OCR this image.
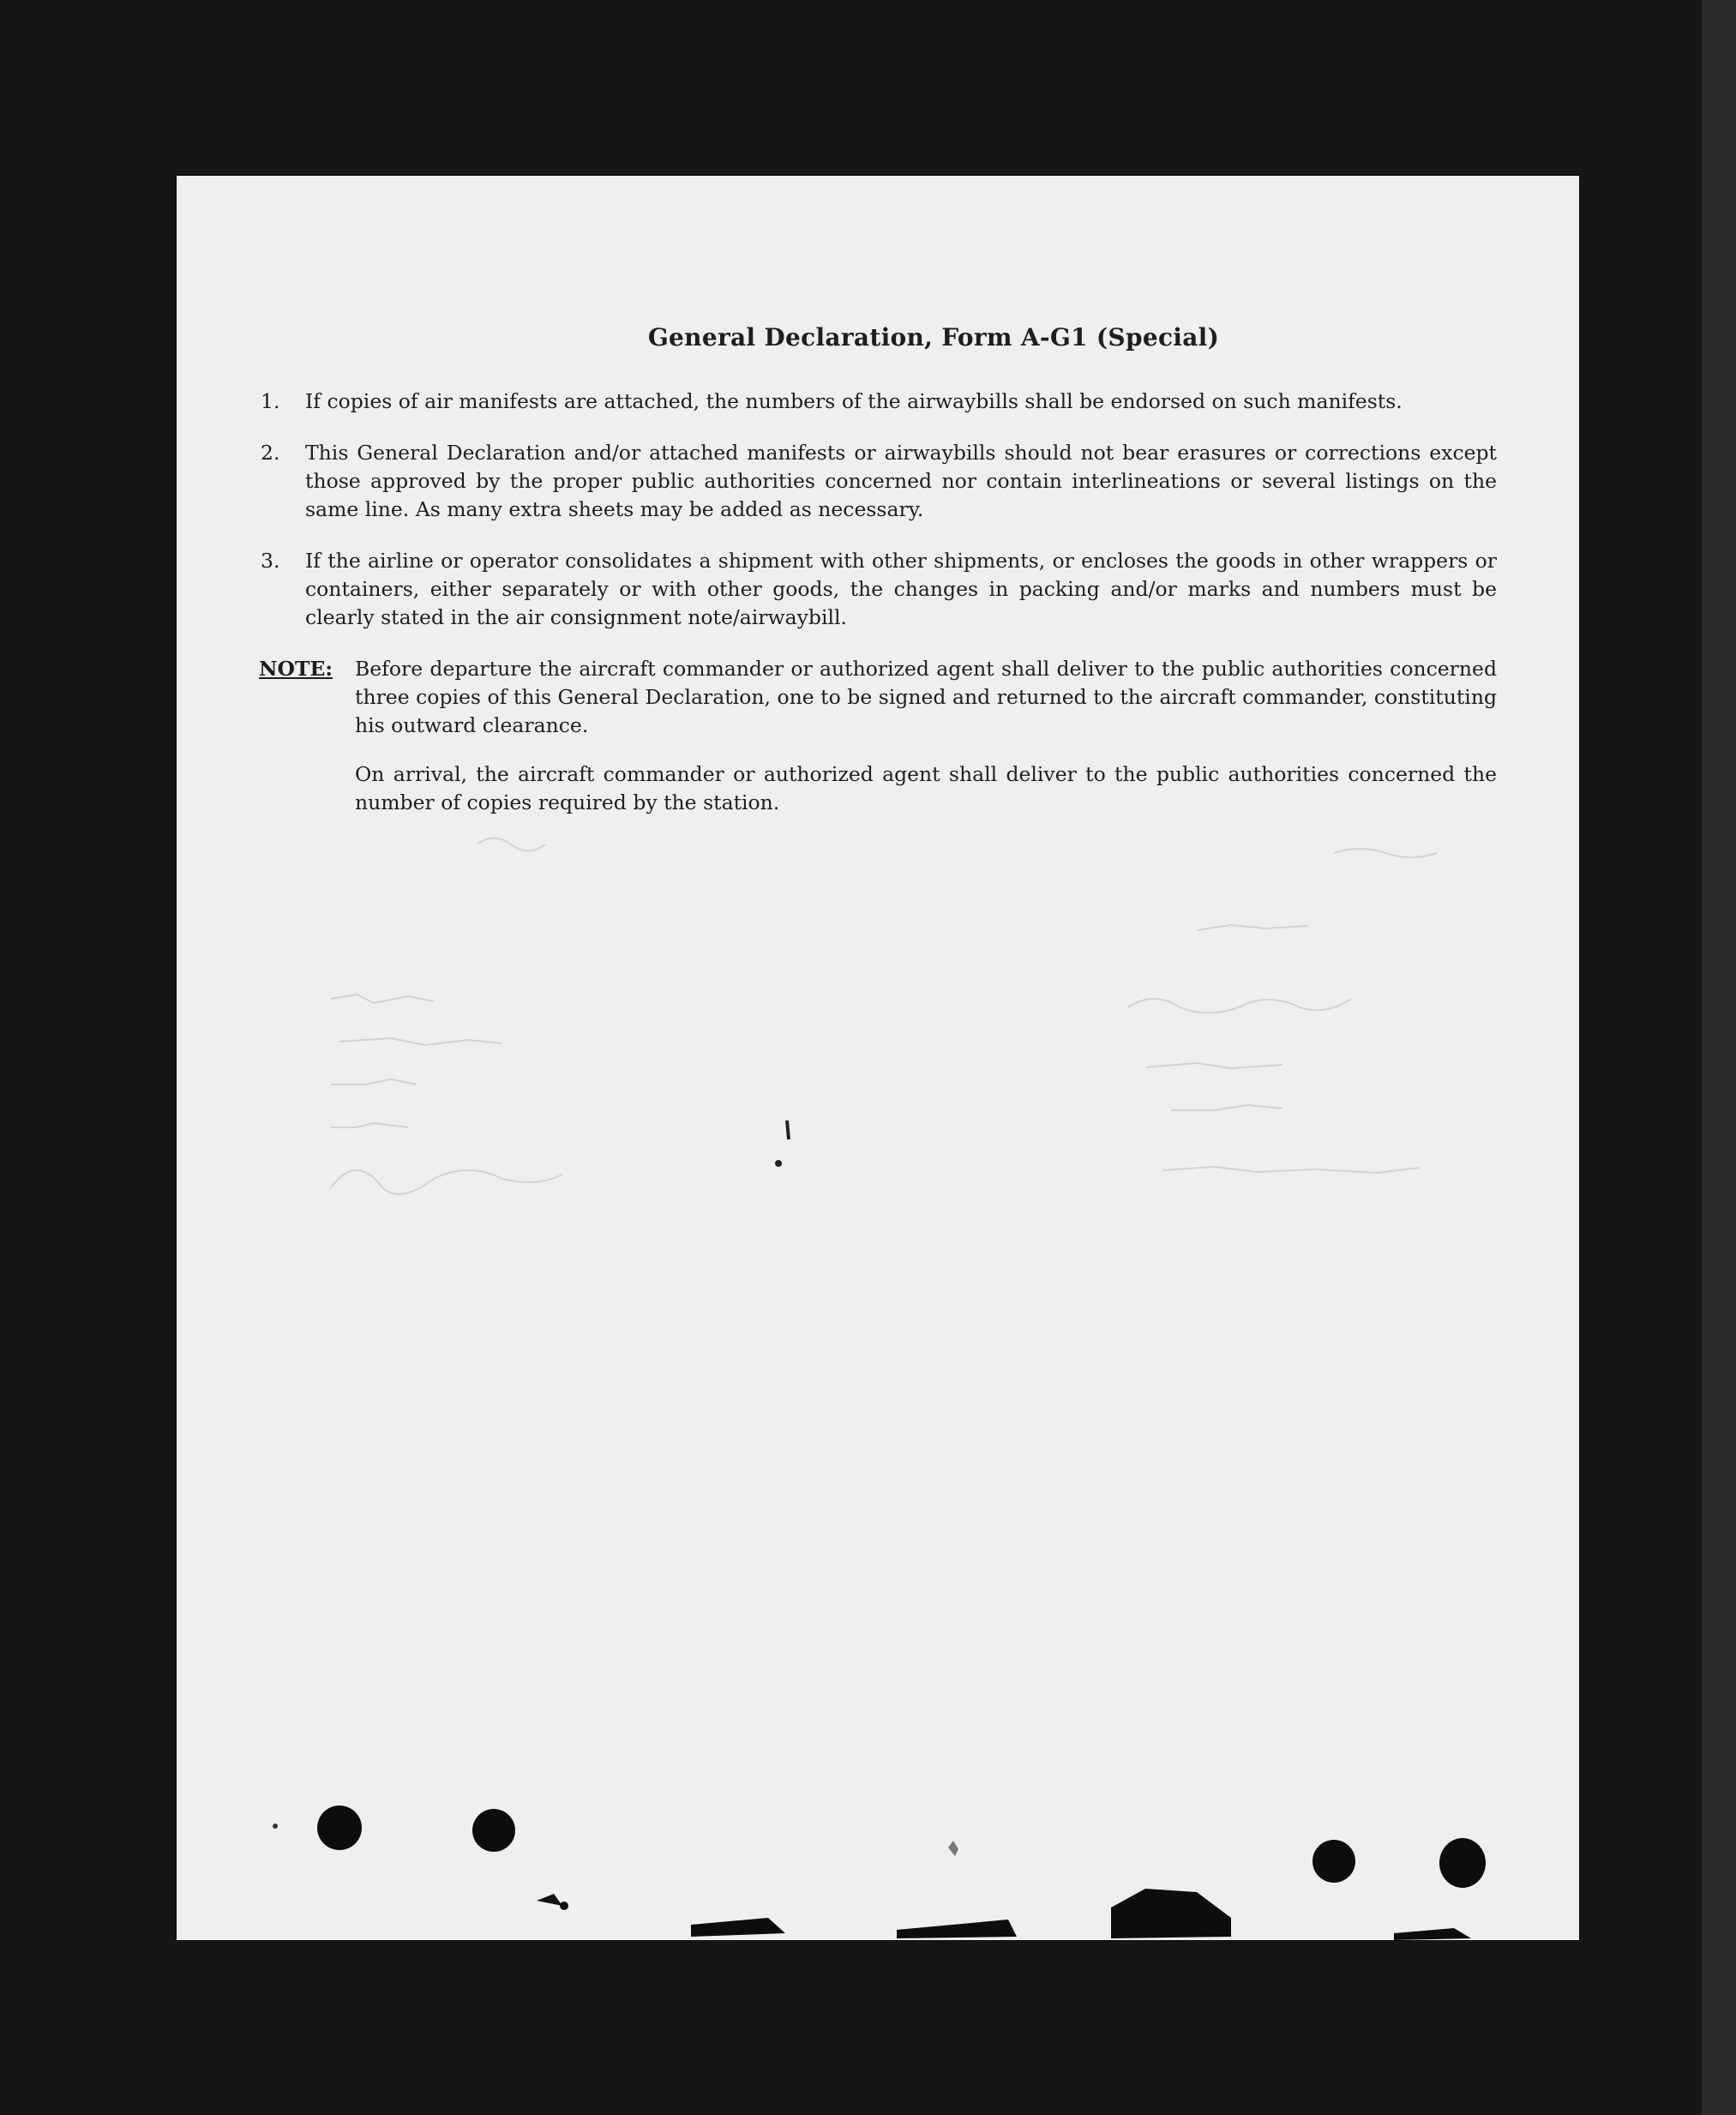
General Declaration, Form A-G1 (Special)
1.	If copies of air manifests are attached, the numbers of the airwaybills shall be endorsed on such manifests.
2.	This General Declaration and/or attached manifests or airwaybills should not bear erasures or corrections except those approved by the proper public authorities concerned nor contain interlineations or several listings on the same line. As many extra sheets may be added as necessary.
3.	If the airline or operator consolidates a shipment with other shipments, or encloses the goods in other wrappers or containers, either separately or with other goods, the changes in packing and/or marks and numbers must be clearly stated in the air consignment note/airwaybill.
NOTE:	Before departure the aircraft commander or authorized agent shall deliver to the public authorities concerned three copies of this General Declaration, one to be signed and returned to the aircraft commander, constituting his outward clearance.

On arrival, the aircraft commander or authorized agent shall deliver to the public authorities concerned the number of copies required by the station.
